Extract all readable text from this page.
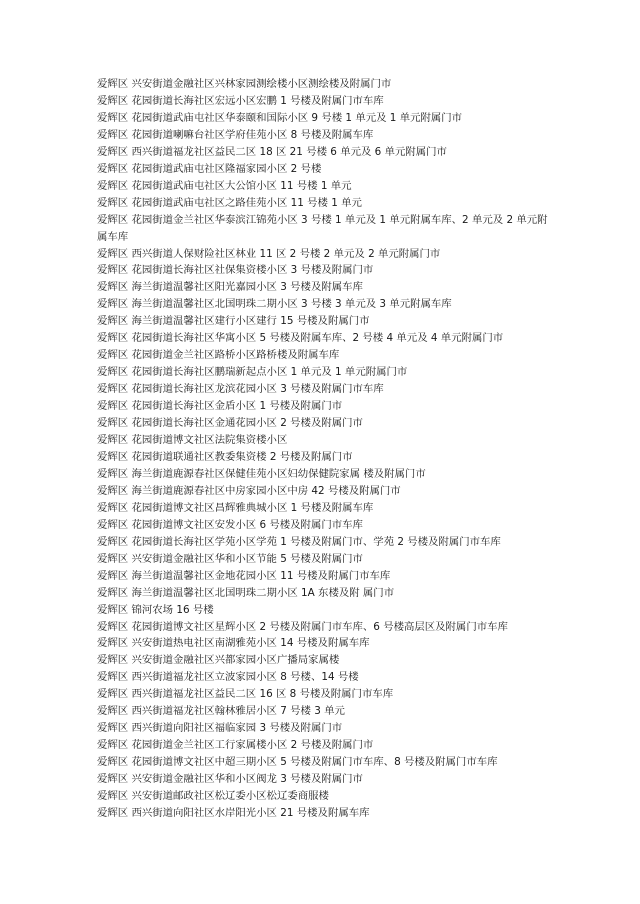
爱辉区 兴安街道金融社区兴林家园测绘楼小区测绘楼及附属门市

爱辉区 花园街道长海社区宏远小区宏鹏 1 号楼及附属门市车库

爱辉区 花园街道武庙屯社区华泰颐和国际小区 9 号楼 1 单元及 1 单元附属门市

爱辉区 花园街道喇嘛台社区学府佳苑小区 8 号楼及附属车库

爱辉区 西兴街道福龙社区益民二区 18 区 21 号楼 6 单元及 6 单元附属门市

爱辉区 花园街道武庙屯社区隆福家园小区 2 号楼

爱辉区 花园街道武庙屯社区大公馆小区 11 号楼 1 单元

爱辉区 花园街道武庙屯社区之路佳苑小区 11 号楼 1 单元

爱辉区 花园街道金兰社区华泰滨江锦苑小区 3 号楼 1 单元及 1 单元附属车库、2 单元及 2 单元附属车库

爱辉区 西兴街道人保财险社区林业 11 区 2 号楼 2 单元及 2 单元附属门市

爱辉区 花园街道长海社区社保集资楼小区 3 号楼及附属门市

爱辉区 海兰街道温馨社区阳光嘉园小区 3 号楼及附属车库

爱辉区 海兰街道温馨社区北国明珠二期小区 3 号楼 3 单元及 3 单元附属车库

爱辉区 海兰街道温馨社区建行小区建行 15 号楼及附属门市

爱辉区 花园街道长海社区华寓小区 5 号楼及附属车库、2 号楼 4 单元及 4 单元附属门市

爱辉区 花园街道金兰社区路桥小区路桥楼及附属车库

爱辉区 花园街道长海社区鹏瑞新起点小区 1 单元及 1 单元附属门市

爱辉区 花园街道长海社区龙滨花园小区 3 号楼及附属门市车库

爱辉区 花园街道长海社区金盾小区 1 号楼及附属门市

爱辉区 花园街道长海社区金通花园小区 2 号楼及附属门市

爱辉区 花园街道博文社区法院集资楼小区

爱辉区 花园街道联通社区教委集资楼 2 号楼及附属门市

爱辉区 海兰街道鹿源春社区保健佳苑小区妇幼保健院家属 楼及附属门市

爱辉区 海兰街道鹿源春社区中房家园小区中房 42 号楼及附属门市

爱辉区 花园街道博文社区昌辉雅典城小区 1 号楼及附属车库

爱辉区 花园街道博文社区安发小区 6 号楼及附属门市车库

爱辉区 花园街道长海社区学苑小区学苑 1 号楼及附属门市、学苑 2 号楼及附属门市车库

爱辉区 兴安街道金融社区华和小区节能 5 号楼及附属门市

爱辉区 海兰街道温馨社区金地花园小区 11 号楼及附属门市车库

爱辉区 海兰街道温馨社区北国明珠二期小区 1A 东楼及附 属门市

爱辉区 锦河农场 16 号楼

爱辉区 花园街道博文社区星辉小区 2 号楼及附属门市车库、6 号楼高层区及附属门市车库

爱辉区 兴安街道热电社区南湖雅苑小区 14 号楼及附属车库

爱辉区 兴安街道金融社区兴都家园小区广播局家属楼

爱辉区 西兴街道福龙社区立波家园小区 8 号楼、14 号楼

爱辉区 西兴街道福龙社区益民二区 16 区 8 号楼及附属门市车库

爱辉区 西兴街道福龙社区翰林雅居小区 7 号楼 3 单元

爱辉区 西兴街道向阳社区福临家园 3 号楼及附属门市

爱辉区 花园街道金兰社区工行家属楼小区 2 号楼及附属门市

爱辉区 花园街道博文社区中超三期小区 5 号楼及附属门市车库、8 号楼及附属门市车库

爱辉区 兴安街道金融社区华和小区阀龙 3 号楼及附属门市

爱辉区 兴安街道邮政社区松辽委小区松辽委商服楼

爱辉区 西兴街道向阳社区水岸阳光小区 21 号楼及附属车库
